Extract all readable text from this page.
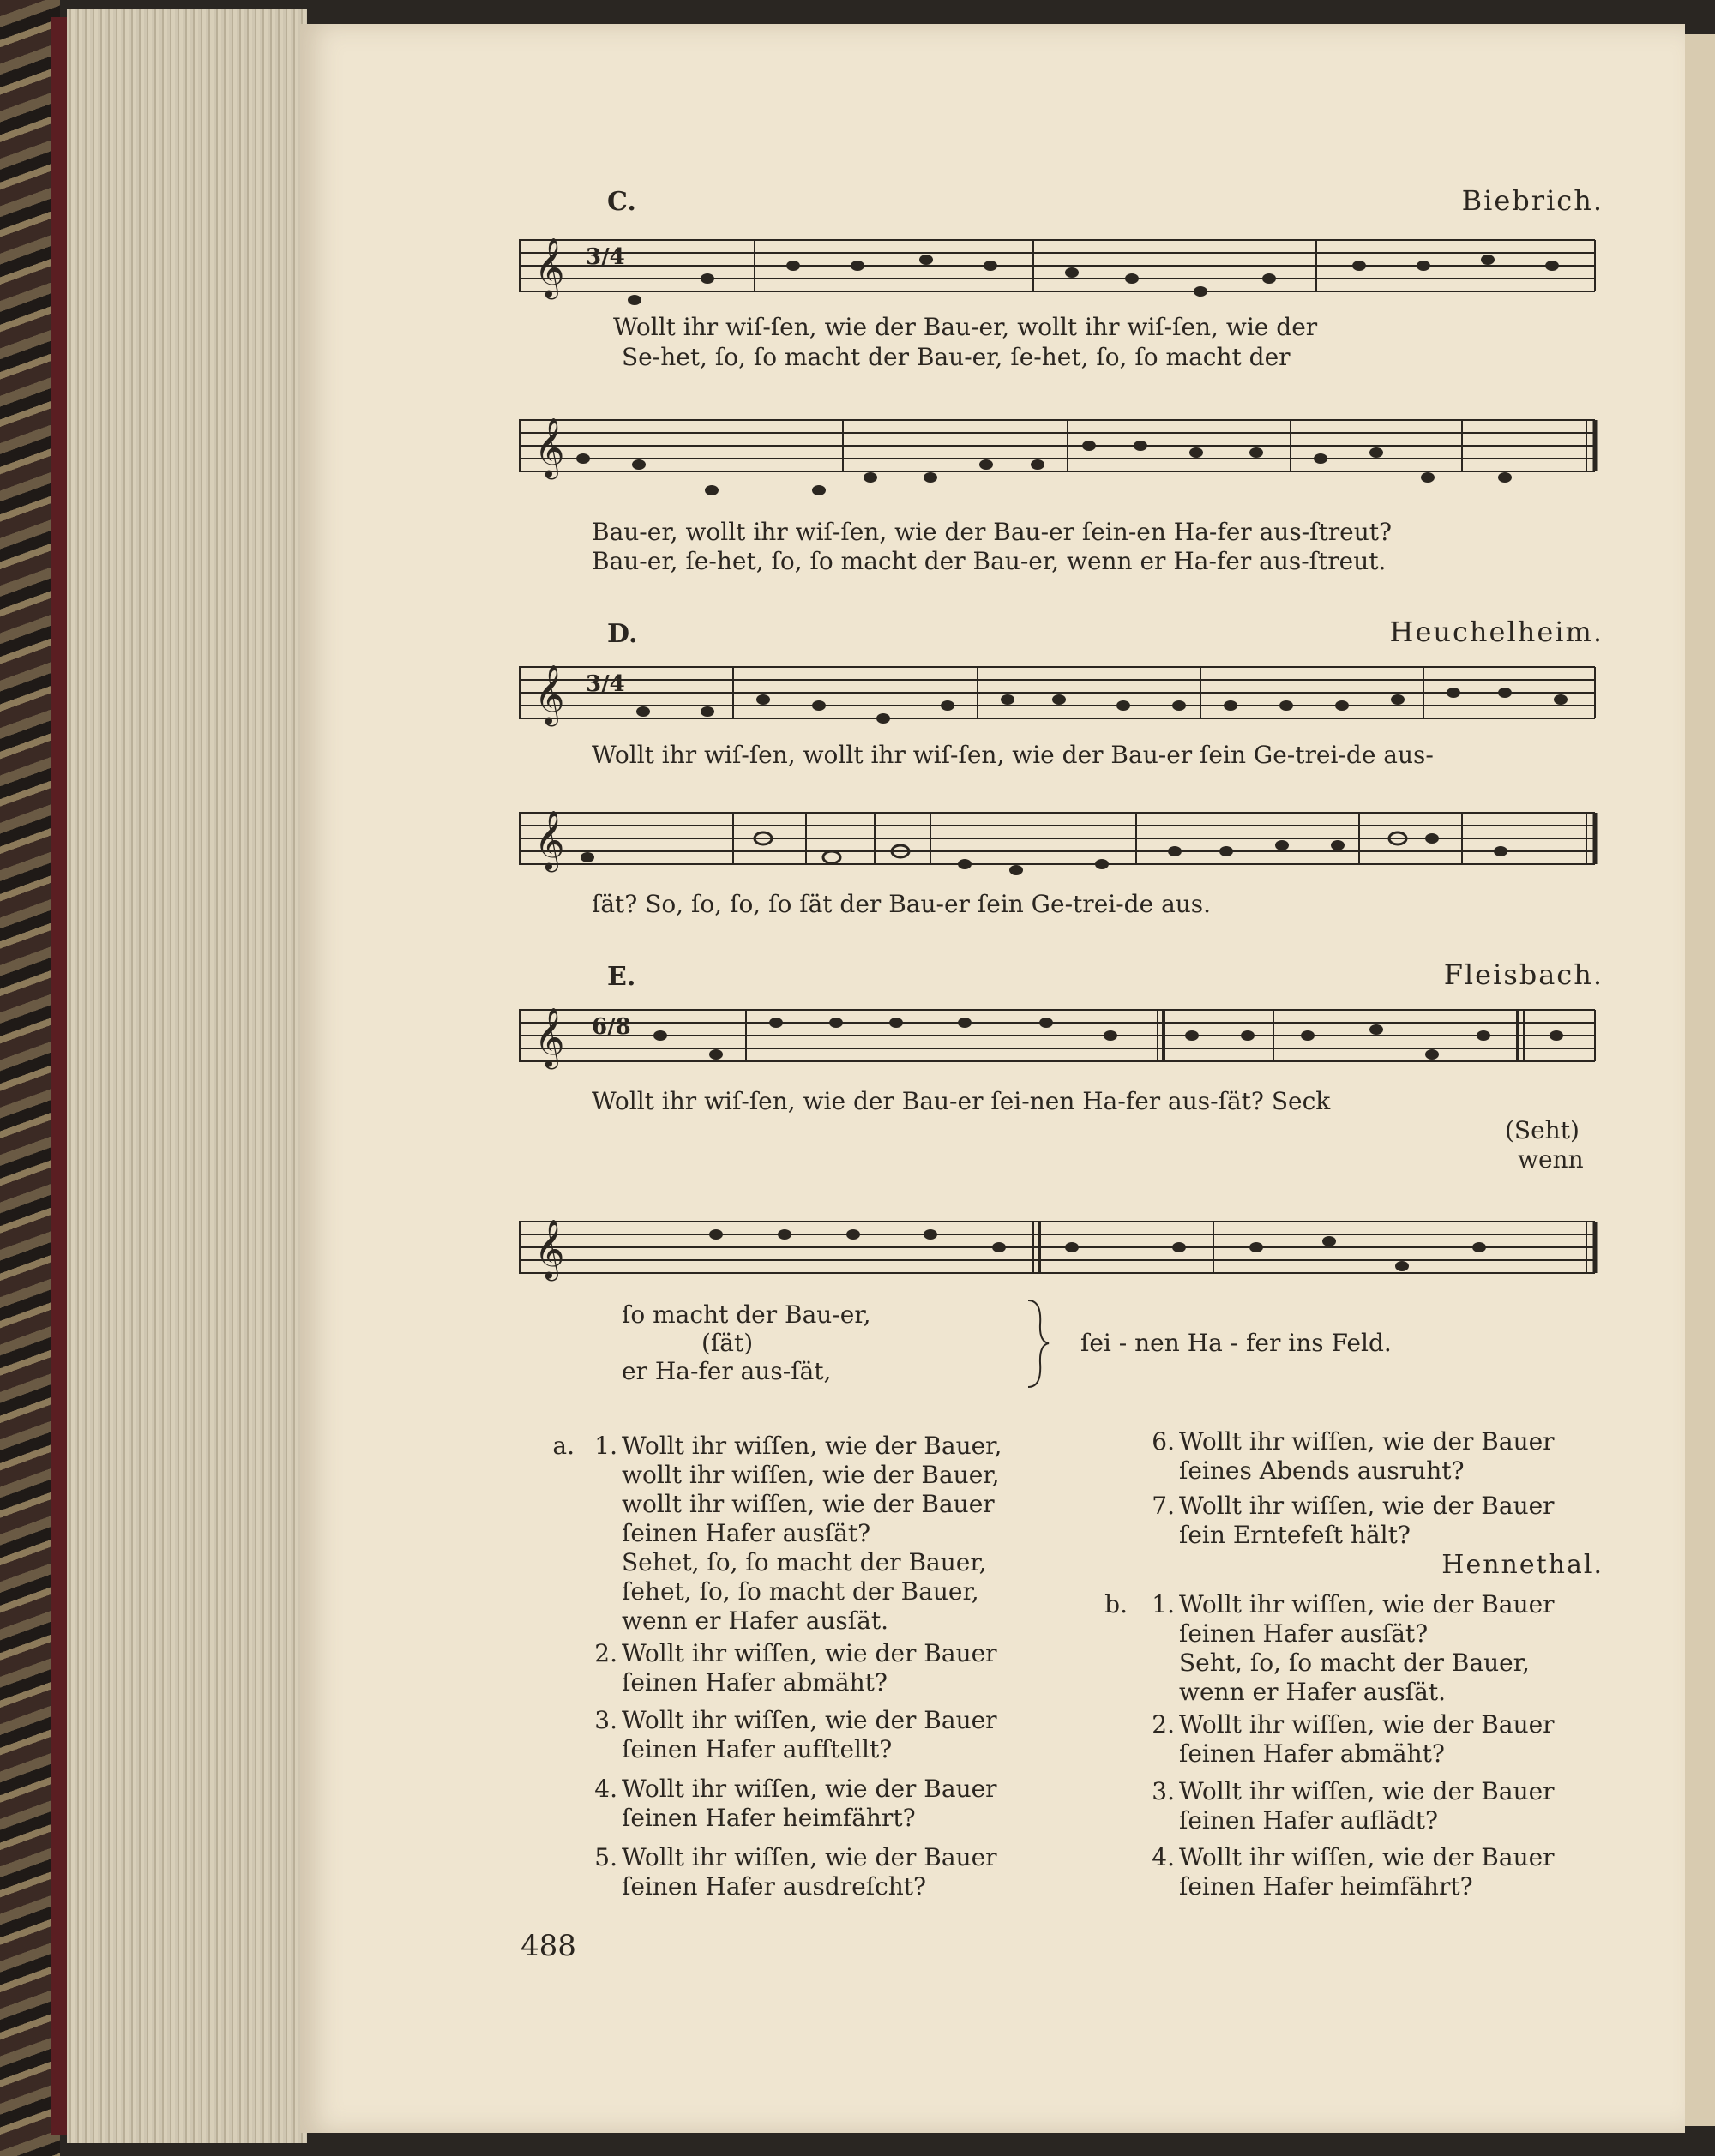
C.	Biebrich.
𝄞 3/4
Wollt ihr wiſ-ſen, wie der Bau-er, wollt ihr wiſ-ſen, wie der
Se-het, ſo, ſo macht der Bau-er, ſe-het, ſo, ſo macht der
𝄞
Bau-er, wollt ihr wiſ-ſen, wie der Bau-er ſein-en Ha-fer aus-ſtreut?
Bau-er, ſe-het, ſo, ſo macht der Bau-er, wenn er Ha-fer aus-ſtreut.
D.	Heuchelheim.
𝄞 3/4
Wollt ihr wiſ-ſen, wollt ihr wiſ-ſen, wie der Bau-er ſein Ge-trei-de aus-
𝄞
ſät? So, ſo, ſo, ſo ſät der Bau-er ſein Ge-trei-de aus.
E.	Fleisbach.
𝄞 6/8
Wollt ihr wiſ-ſen, wie der Bau-er ſei-nen Ha-fer aus-ſät? Seck
(Seht)
wenn
𝄞
ſo macht der Bau-er,
(ſät)
er Ha-fer aus-ſät,
ſei - nen Ha - fer ins Feld.
a. 1. Wollt ihr wiſſen, wie der Bauer,
wollt ihr wiſſen, wie der Bauer,
wollt ihr wiſſen, wie der Bauer
ſeinen Hafer ausſät?
Sehet, ſo, ſo macht der Bauer,
ſehet, ſo, ſo macht der Bauer,
wenn er Hafer ausſät.
2. Wollt ihr wiſſen, wie der Bauer
ſeinen Hafer abmäht?
3. Wollt ihr wiſſen, wie der Bauer
ſeinen Hafer aufſtellt?
4. Wollt ihr wiſſen, wie der Bauer
ſeinen Hafer heimfährt?
5. Wollt ihr wiſſen, wie der Bauer
ſeinen Hafer ausdreſcht?
6. Wollt ihr wiſſen, wie der Bauer
ſeines Abends ausruht?
7. Wollt ihr wiſſen, wie der Bauer
ſein Erntefeſt hält?
Hennethal.
b.	1. Wollt ihr wiſſen, wie der Bauer
ſeinen Hafer ausſät?
Seht, ſo, ſo macht der Bauer,
wenn er Hafer ausſät.
2. Wollt ihr wiſſen, wie der Bauer
ſeinen Hafer abmäht?
3. Wollt ihr wiſſen, wie der Bauer
ſeinen Hafer auflädt?
4. Wollt ihr wiſſen, wie der Bauer
ſeinen Hafer heimfährt?
488
